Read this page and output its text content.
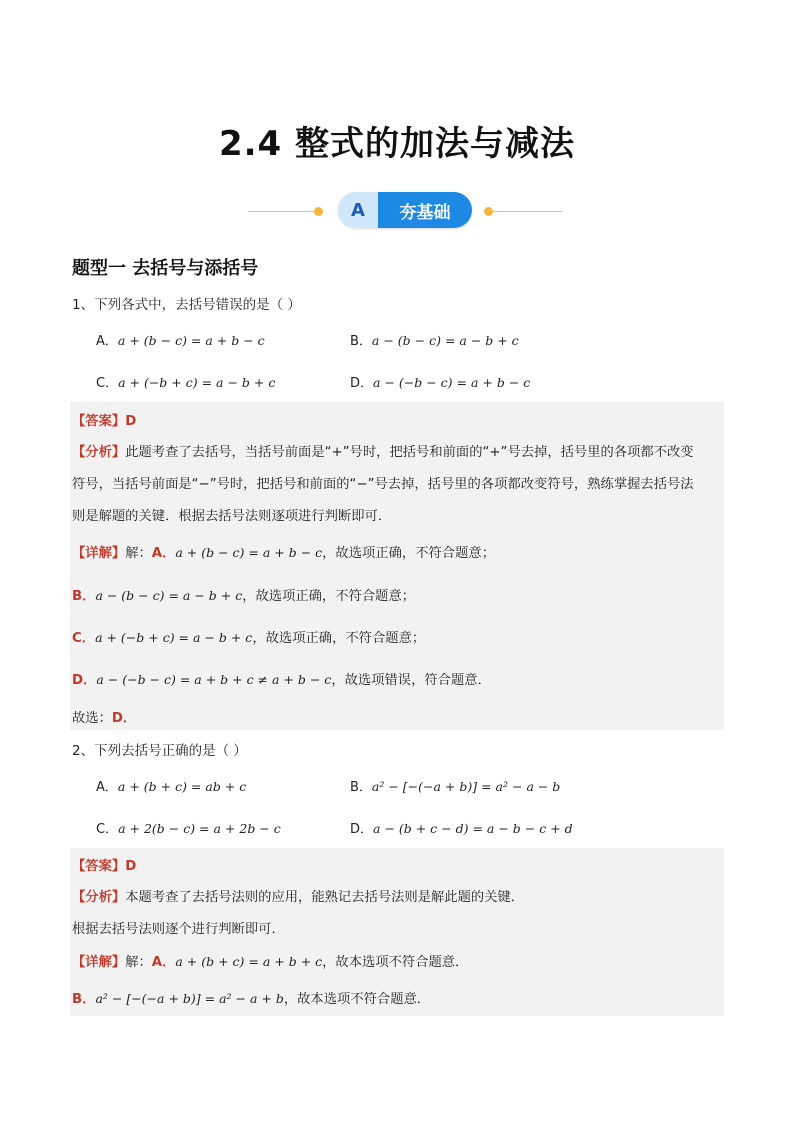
2.4 整式的加法与减法
A	夯基础
题型一 去括号与添括号
1、下列各式中，去括号错误的是（ ）
A．a + (b − c) = a + b − c	B．a − (b − c) = a − b + c
C．a + (−b + c) = a − b + c	D．a − (−b − c) = a + b − c
【答案】D
【分析】此题考查了去括号，当括号前面是“+”号时，把括号和前面的“+”号去掉，括号里的各项都不改变
符号，当括号前面是“−”号时，把括号和前面的“−”号去掉，括号里的各项都改变符号，熟练掌握去括号法
则是解题的关键．根据去括号法则逐项进行判断即可．
【详解】解：A．a + (b − c) = a + b − c，故选项正确，不符合题意；
B．a − (b − c) = a − b + c，故选项正确，不符合题意；
C．a + (−b + c) = a − b + c，故选项正确，不符合题意；
D．a − (−b − c) = a + b + c ≠ a + b − c，故选项错误，符合题意．
故选：D．
2、下列去括号正确的是（ ）
A．a + (b + c) = ab + c	B．a² − [−(−a + b)] = a² − a − b
C．a + 2(b − c) = a + 2b − c	D．a − (b + c − d) = a − b − c + d
【答案】D
【分析】本题考查了去括号法则的应用，能熟记去括号法则是解此题的关键．
根据去括号法则逐个进行判断即可．
【详解】解：A．a + (b + c) = a + b + c，故本选项不符合题意．
B．a² − [−(−a + b)] = a² − a + b，故本选项不符合题意．
